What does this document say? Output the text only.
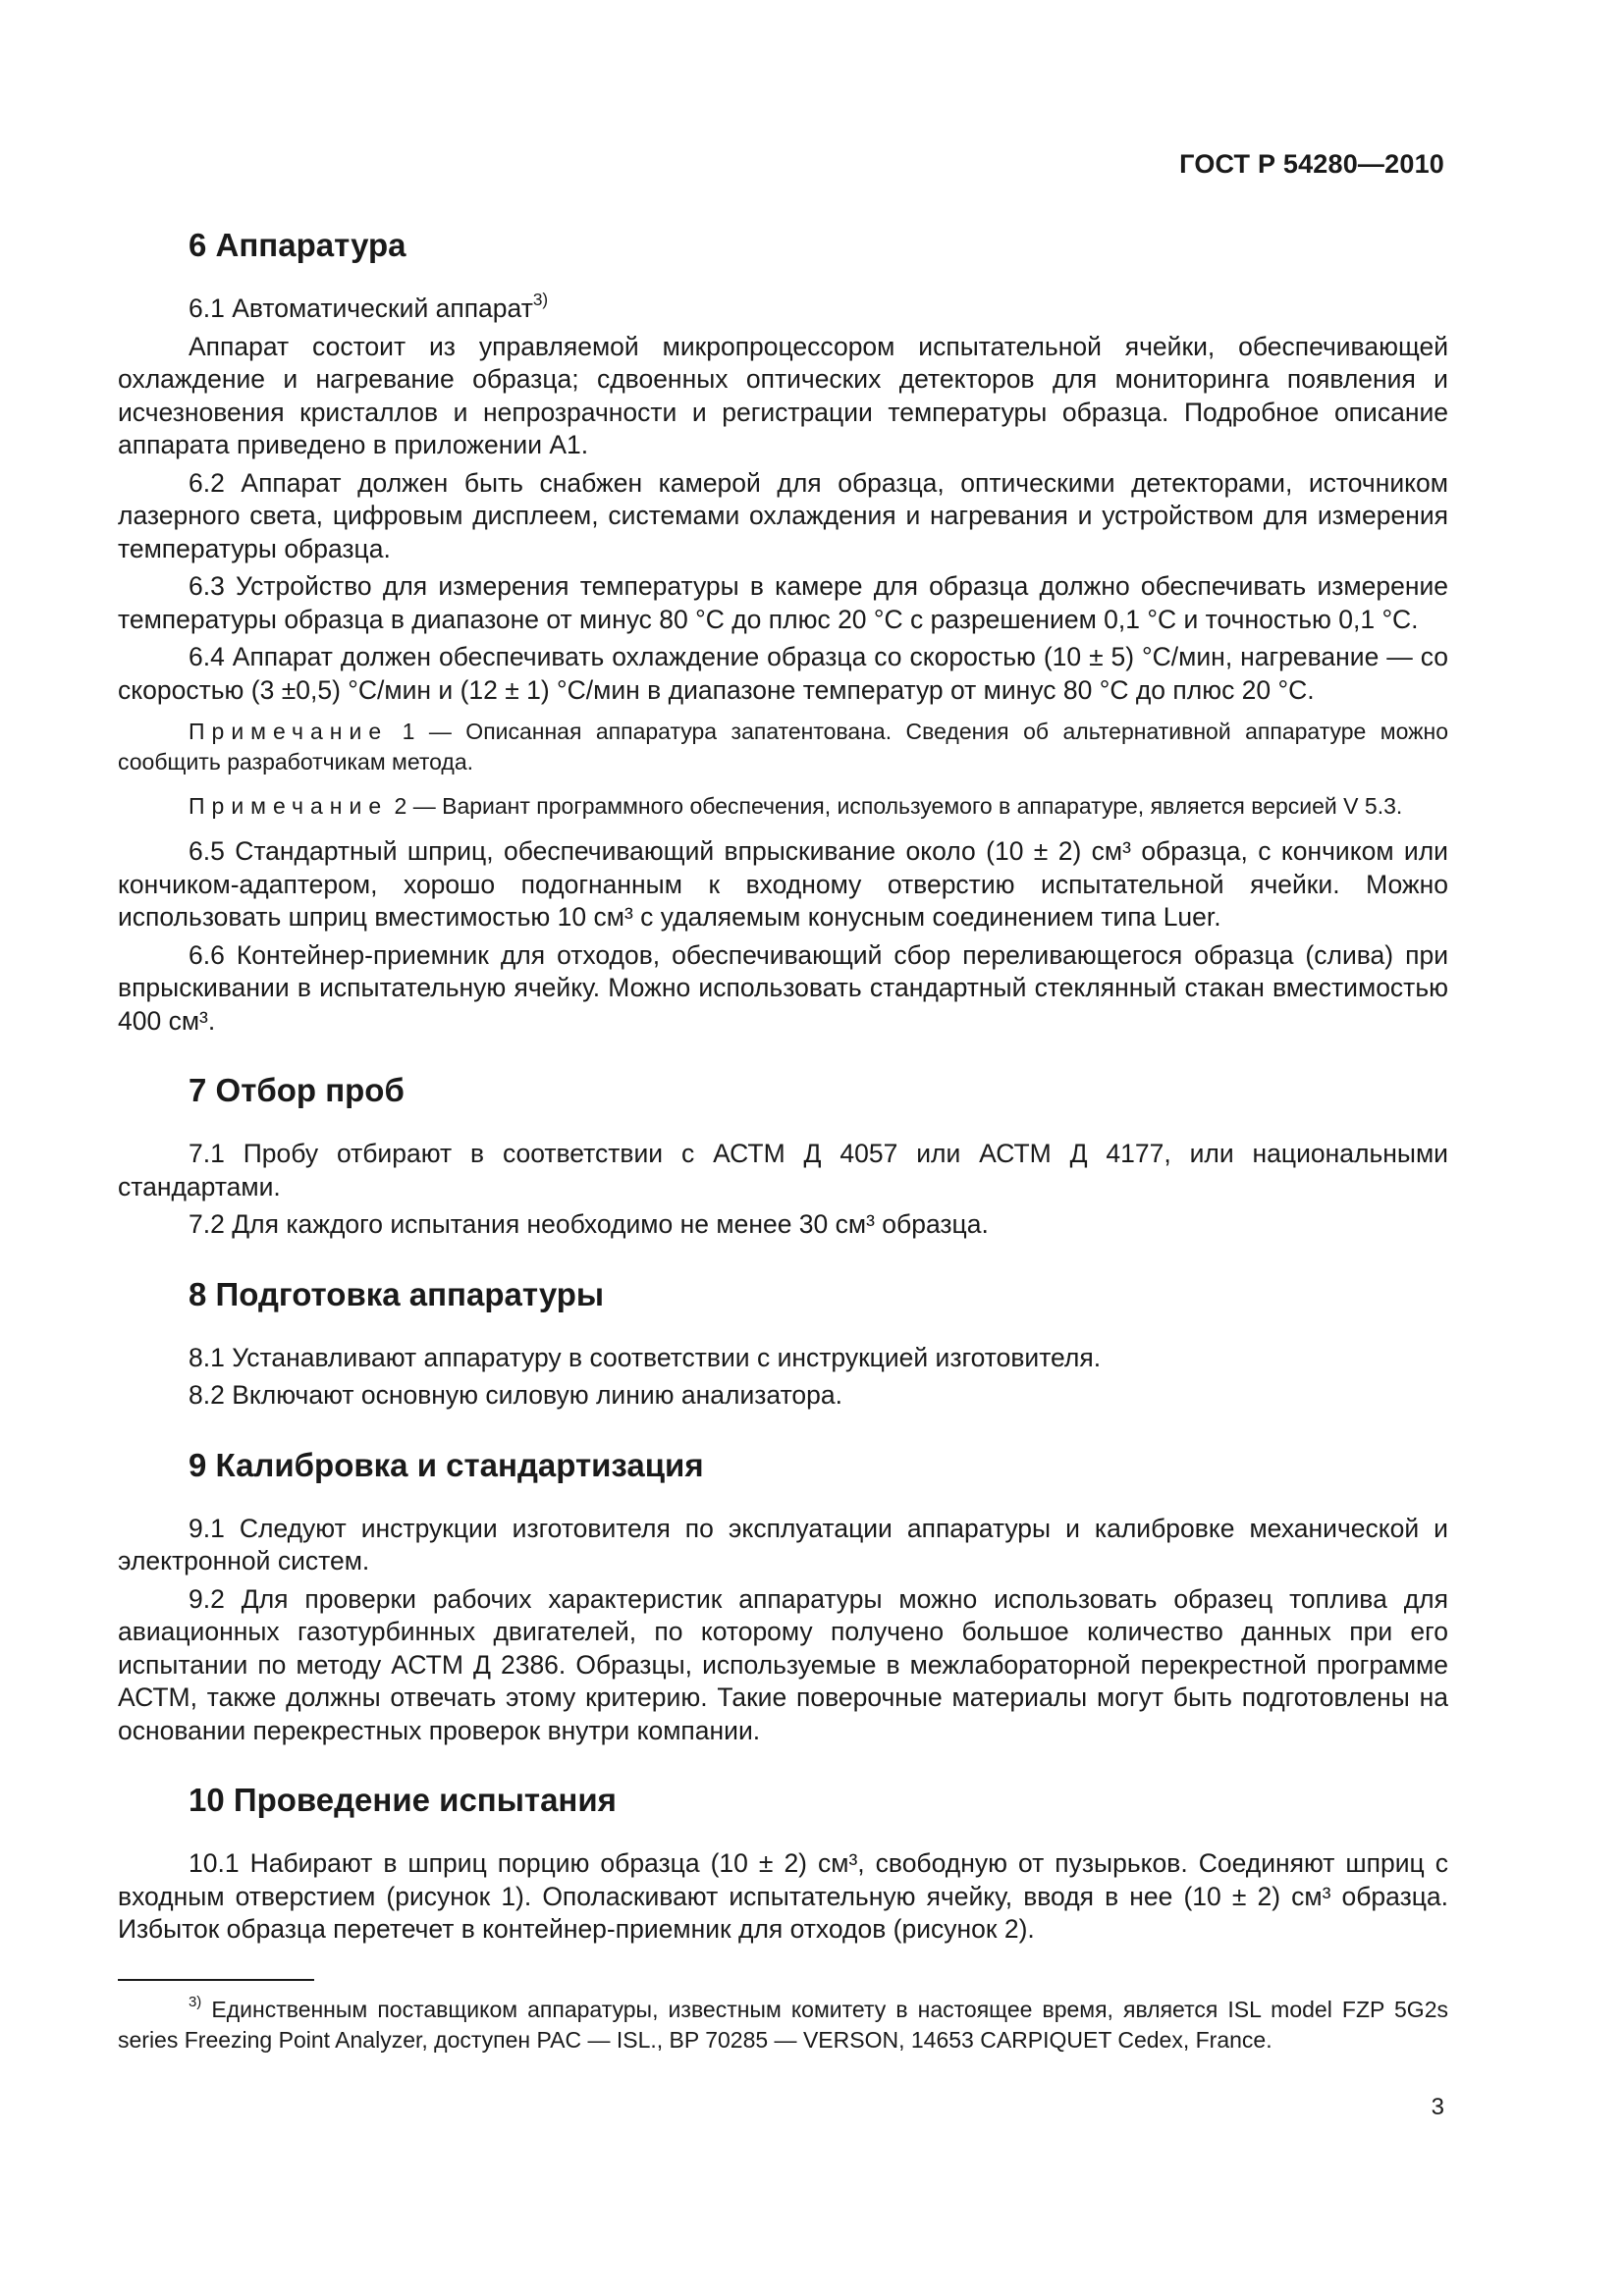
ГОСТ Р 54280—2010
6 Аппаратура

6.1 Автоматический аппарат$^{3)}$

Аппарат состоит из управляемой микропроцессором испытательной ячейки, обеспечивающей охлаждение и нагревание образца; сдвоенных оптических детекторов для мониторинга появления и исчезновения кристаллов и непрозрачности и регистрации температуры образца. Подробное описание аппарата приведено в приложении А1.

6.2 Аппарат должен быть снабжен камерой для образца, оптическими детекторами, источником лазерного света, цифровым дисплеем, системами охлаждения и нагревания и устройством для измерения температуры образца.

6.3 Устройство для измерения температуры в камере для образца должно обеспечивать измерение температуры образца в диапазоне от минус 80 °C до плюс 20 °C с разрешением 0,1 °C и точностью 0,1 °C.

6.4 Аппарат должен обеспечивать охлаждение образца со скоростью (10 ± 5) °C/мин, нагревание — со скоростью (3 ±0,5) °C/мин и (12 ± 1) °C/мин в диапазоне температур от минус 80 °C до плюс 20 °C.

Примечание 1 — Описанная аппаратура запатентована. Сведения об альтернативной аппаратуре можно сообщить разработчикам метода.

Примечание 2 — Вариант программного обеспечения, используемого в аппаратуре, является версией V 5.3.

6.5 Стандартный шприц, обеспечивающий впрыскивание около (10 ± 2) см³ образца, с кончиком или кончиком-адаптером, хорошо подогнанным к входному отверстию испытательной ячейки. Можно использовать шприц вместимостью 10 см³ с удаляемым конусным соединением типа Luer.

6.6 Контейнер-приемник для отходов, обеспечивающий сбор переливающегося образца (слива) при впрыскивании в испытательную ячейку. Можно использовать стандартный стеклянный стакан вместимостью 400 см³.

7 Отбор проб

7.1 Пробу отбирают в соответствии с АСТМ Д 4057 или АСТМ Д 4177, или национальными стандартами.

7.2 Для каждого испытания необходимо не менее 30 см³ образца.

8 Подготовка аппаратуры

8.1 Устанавливают аппаратуру в соответствии с инструкцией изготовителя.

8.2 Включают основную силовую линию анализатора.

9 Калибровка и стандартизация

9.1 Следуют инструкции изготовителя по эксплуатации аппаратуры и калибровке механической и электронной систем.

9.2 Для проверки рабочих характеристик аппаратуры можно использовать образец топлива для авиационных газотурбинных двигателей, по которому получено большое количество данных при его испытании по методу АСТМ Д 2386. Образцы, используемые в межлабораторной перекрестной программе АСТМ, также должны отвечать этому критерию. Такие поверочные материалы могут быть подготовлены на основании перекрестных проверок внутри компании.

10 Проведение испытания

10.1 Набирают в шприц порцию образца (10 ± 2) см³, свободную от пузырьков. Соединяют шприц с входным отверстием (рисунок 1). Ополаскивают испытательную ячейку, вводя в нее (10 ± 2) см³ образца. Избыток образца перетечет в контейнер-приемник для отходов (рисунок 2).

$^{3)}$ Единственным поставщиком аппаратуры, известным комитету в настоящее время, является ISL model FZP 5G2s series Freezing Point Analyzer, доступен PAC — ISL., BP 70285 — VERSON, 14653 CARPIQUET Cedex, France.

3
